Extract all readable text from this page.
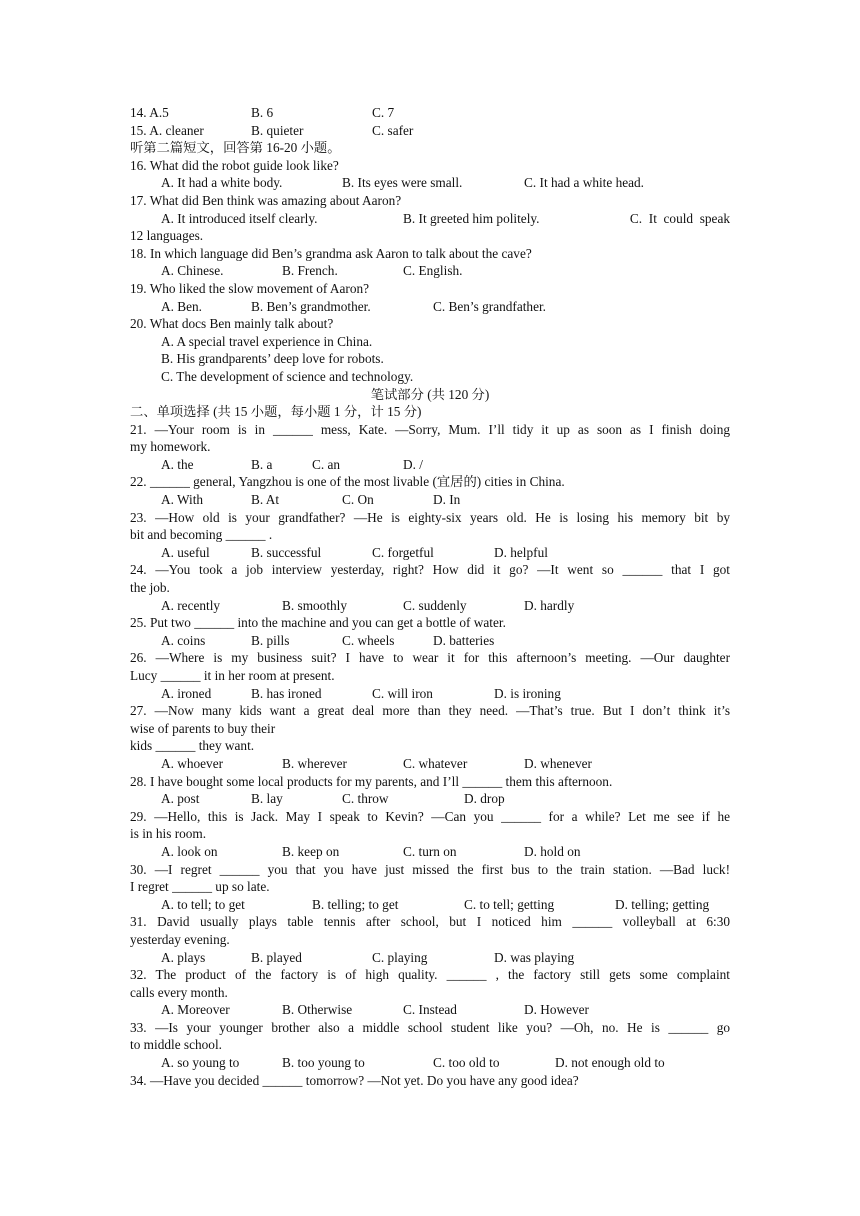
14. A.5	B. 6	C. 7
15. A. cleaner	B. quieter	C. safer
听第二篇短文，回答第 16-20 小题。
16. What did the robot guide look like?
A. It had a white body.	B. Its eyes were small.	C. It had a white head.
17. What did Ben think was amazing about Aaron?
A. It introduced itself clearly.	B. It greeted him politely.	C.  It  could  speak
12 languages.
18. In which language did Ben’s grandma ask Aaron to talk about the cave?
A. Chinese.	B. French.	C. English.
19. Who liked the slow movement of Aaron?
A. Ben.	B. Ben’s grandmother.	C. Ben’s grandfather.
20. What docs Ben mainly talk about?
A. A special travel experience in China.
B. His grandparents’ deep love for robots.
C. The development of science and technology.
笔试部分 (共 120 分)
二、单项选择 (共 15 小题，每小题 1 分，计 15 分)
21. —Your room is in ______ mess, Kate. —Sorry, Mum. I’ll tidy it up as soon as I finish doing
my homework.
A. the	B. a	C. an	D. /
22. ______ general, Yangzhou is one of the most livable (宜居的) cities in China.
A. With	B. At	C. On	D. In
23. —How old is your grandfather? —He is eighty-six years old. He is losing his memory bit by
bit and becoming ______ .
A. useful	B. successful	C. forgetful	D. helpful
24. —You took a job interview yesterday, right? How did it go? —It went so ______ that I got
the job.
A. recently	B. smoothly	C. suddenly	D. hardly
25. Put two ______ into the machine and you can get a bottle of water.
A. coins	B. pills	C. wheels	D. batteries
26. —Where is my business suit? I have to wear it for this afternoon’s meeting. —Our daughter
Lucy ______ it in her room at present.
A. ironed	B. has ironed	C. will iron	D. is ironing
27. —Now many kids want a great deal more than they need. —That’s true. But I don’t think it’s
wise of parents to buy their
kids ______ they want.
A. whoever	B. wherever	C. whatever	D. whenever
28. I have bought some local products for my parents, and I’ll ______ them this afternoon.
A. post	B. lay	C. throw	D. drop
29. —Hello, this is Jack. May I speak to Kevin? —Can you ______ for a while? Let me see if he
is in his room.
A. look on	B. keep on	C. turn on	D. hold on
30. —I regret ______ you that you have just missed the first bus to the train station. —Bad luck!
I regret ______ up so late.
A. to tell; to get	B. telling; to get	C. to tell; getting	D. telling; getting
31. David usually plays table tennis after school, but I noticed him ______ volleyball at 6:30
yesterday evening.
A. plays	B. played	C. playing	D. was playing
32. The product of the factory is of high quality. ______ , the factory still gets some complaint
calls every month.
A. Moreover	B. Otherwise	C. Instead	D. However
33. —Is your younger brother also a middle school student like you? —Oh, no. He is ______ go
to middle school.
A. so young to	B. too young to	C. too old to	D. not enough old to
34. —Have you decided ______ tomorrow? —Not yet. Do you have any good idea?
